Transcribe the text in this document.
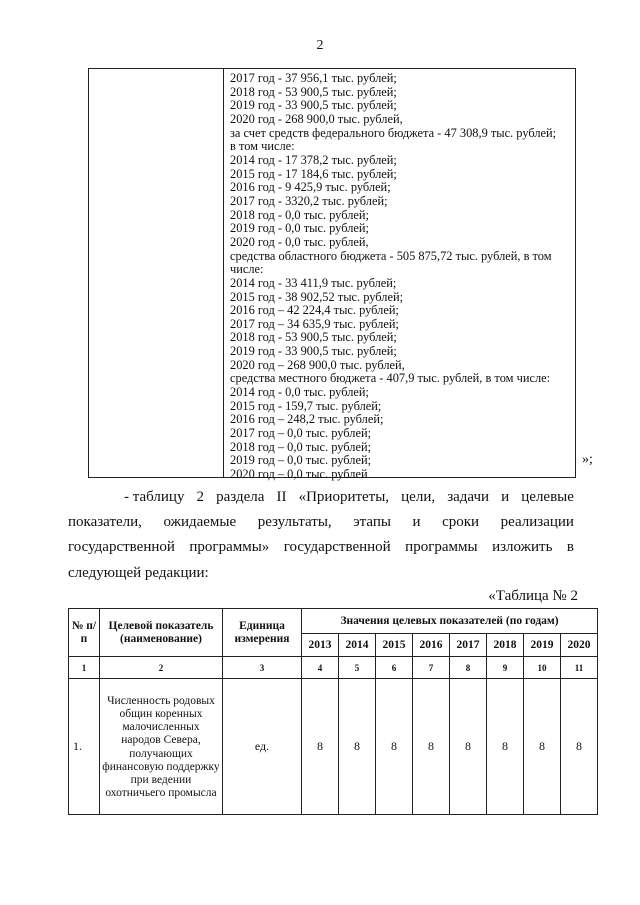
2
2017 год - 37 956,1 тыс. рублей;
2018 год - 53 900,5 тыс. рублей;
2019 год - 33 900,5 тыс. рублей;
2020 год - 268 900,0 тыс. рублей,
за счет средств федерального бюджета - 47 308,9 тыс. рублей;
в том числе:
2014 год - 17 378,2 тыс. рублей;
2015 год - 17 184,6 тыс. рублей;
2016 год - 9 425,9 тыс. рублей;
2017 год - 3320,2 тыс. рублей;
2018 год - 0,0 тыс. рублей;
2019 год - 0,0 тыс. рублей;
2020 год - 0,0 тыс. рублей,
средства областного бюджета - 505 875,72 тыс. рублей, в том
числе:
2014 год - 33 411,9 тыс. рублей;
2015 год - 38 902,52 тыс. рублей;
2016 год – 42 224,4 тыс. рублей;
2017 год – 34 635,9 тыс. рублей;
2018 год - 53 900,5 тыс. рублей;
2019 год - 33 900,5 тыс. рублей;
2020 год – 268 900,0 тыс. рублей,
средства местного бюджета - 407,9 тыс. рублей, в том числе:
2014 год - 0,0 тыс. рублей;
2015 год - 159,7 тыс. рублей;
2016 год – 248,2 тыс. рублей;
2017 год – 0,0 тыс. рублей;
2018 год – 0,0 тыс. рублей;
2019 год – 0,0 тыс. рублей;
2020 год – 0,0 тыс. рублей
»;
- таблицу 2 раздела II «Приоритеты, цели, задачи и целевые
показатели, ожидаемые результаты, этапы и сроки реализации
государственной программы» государственной программы изложить в
следующей редакции:
«Таблица № 2
№ п/п	Целевой показатель (наименование)	Единица измерения	Значения целевых показателей (по годам)							
			2013	2014	2015	2016	2017	2018	2019	2020
1	2	3	4	5	6	7	8	9	10	11
1.	Численность родовых общин коренных малочисленных народов Севера, получающих финансовую поддержку при ведении охотничьего промысла	ед.	8	8	8	8	8	8	8	8
